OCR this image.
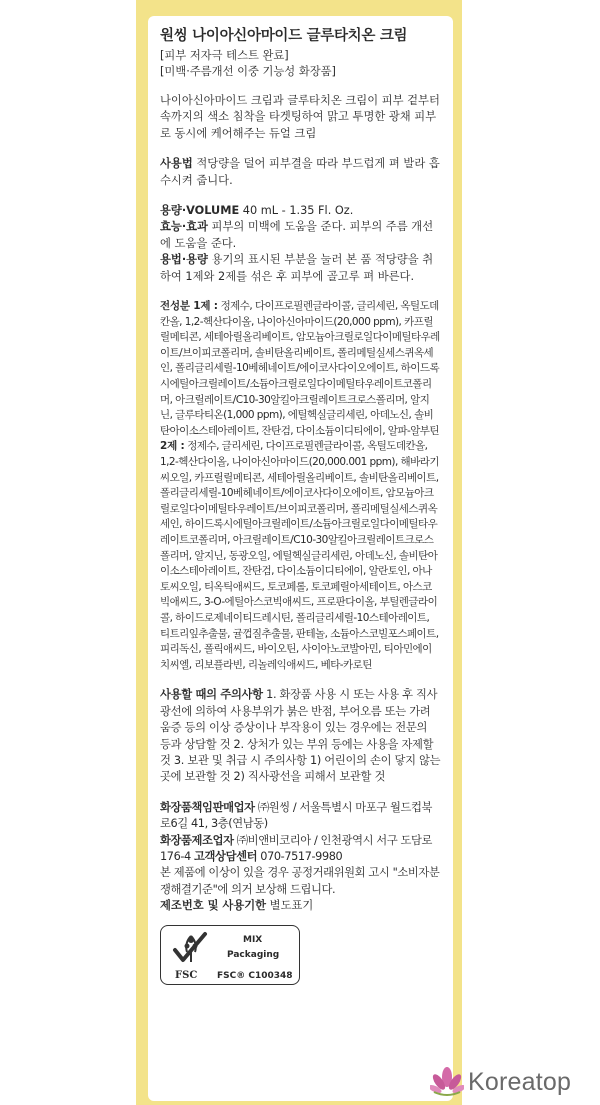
원씽 나이아신아마이드 글루타치온 크림

[피부 저자극 테스트 완료]

[미백·주름개선 이중 기능성 화장품]

나이아신아마이드 크림과 글루타치온 크림이 피부 겉부터 속까지의 색소 침착을 타겟팅하여 맑고 투명한 광채 피부로 동시에 케어해주는 듀얼 크림

사용법 적당량을 덜어 피부결을 따라 부드럽게 펴 발라 흡수시켜 줍니다.

용량·VOLUME 40 mL - 1.35 Fl. Oz.

효능·효과 피부의 미백에 도움을 준다. 피부의 주름 개선에 도움을 준다.

용법·용량 용기의 표시된 부분을 눌러 본 품 적당량을 취하여 1제와 2제를 섞은 후 피부에 골고루 펴 바른다.

전성분 1제 : 정제수, 다이프로필렌글라이콜, 글리세린, 옥틸도데칸올, 1,2-헥산다이올, 나이아신아마이드(20,000 ppm), 카프릴릴메티콘, 세테아릴올리베이트, 암모늄아크릴로일다이메틸타우레이트/브이피코폴리머, 솔비탄올리베이트, 폴리메틸실세스퀴옥세인, 폴리글리세릴-10베헤네이트/에이코사다이오에이트, 하이드록시에틸아크릴레이트/소듐아크릴로일다이메틸타우레이트코폴리머, 아크릴레이트/C10-30알킬아크릴레이트크로스폴리머, 알지닌, 글루타티온(1,000 ppm), 에틸헥실글리세린, 아데노신, 솔비탄아이소스테아레이트, 잔탄검, 다이소듐이디티에이, 알파-알부틴 2제 : 정제수, 글리세린, 다이프로필렌글라이콜, 옥틸도데칸올, 1,2-헥산다이올, 나이아신아마이드(20,000.001 ppm), 해바라기씨오일, 카프릴릴메티콘, 세테아릴올리베이트, 솔비탄올리베이트, 폴리글리세릴-10베헤네이트/에이코사다이오에이트, 암모늄아크릴로일다이메틸타우레이트/브이피코폴리머, 폴리메틸실세스퀴옥세인, 하이드록시에틸아크릴레이트/소듐아크릴로일다이메틸타우레이트코폴리머, 아크릴레이트/C10-30알킬아크릴레이트크로스폴리머, 알지닌, 동광오일, 에틸헥실글리세린, 아데노신, 솔비탄아이소스테아레이트, 잔탄검, 다이소듐이디티에이, 알란토인, 아나토씨오일, 티옥틱애씨드, 토코페롤, 토코페릴아세테이트, 아스코빅애씨드, 3-O-에틸아스코빅애씨드, 프로판다이올, 부틸렌글라이콜, 하이드로제네이티드레시틴, 폴리글리세릴-10스테아레이트, 티트리잎추출물, 귤껍질추출물, 판테놀, 소듐아스코빌포스페이트, 피리독신, 폴릭애씨드, 바이오틴, 사이아노코발아민, 티아민에이치씨엘, 리보플라빈, 리놀레익애씨드, 베타-카로틴

사용할 때의 주의사항 1. 화장품 사용 시 또는 사용 후 직사광선에 의하여 사용부위가 붉은 반점, 부어오름 또는 가려움증 등의 이상 증상이나 부작용이 있는 경우에는 전문의 등과 상담할 것 2. 상처가 있는 부위 등에는 사용을 자제할 것 3. 보관 및 취급 시 주의사항 1) 어린이의 손이 닿지 않는 곳에 보관할 것 2) 직사광선을 피해서 보관할 것

화장품책임판매업자 ㈜원씽 / 서울특별시 마포구 월드컵북로6길 41, 3층(연남동)

화장품제조업자 ㈜비앤비코리아 / 인천광역시 서구 도담로 176-4 고객상담센터 070-7517-9980

본 제품에 이상이 있을 경우 공정거래위원회 고시 "소비자분쟁해결기준"에 의거 보상해 드립니다.

제조번호 및 사용기한 별도표기

FSC
MIX
Packaging
FSC® C100348
Koreatop
